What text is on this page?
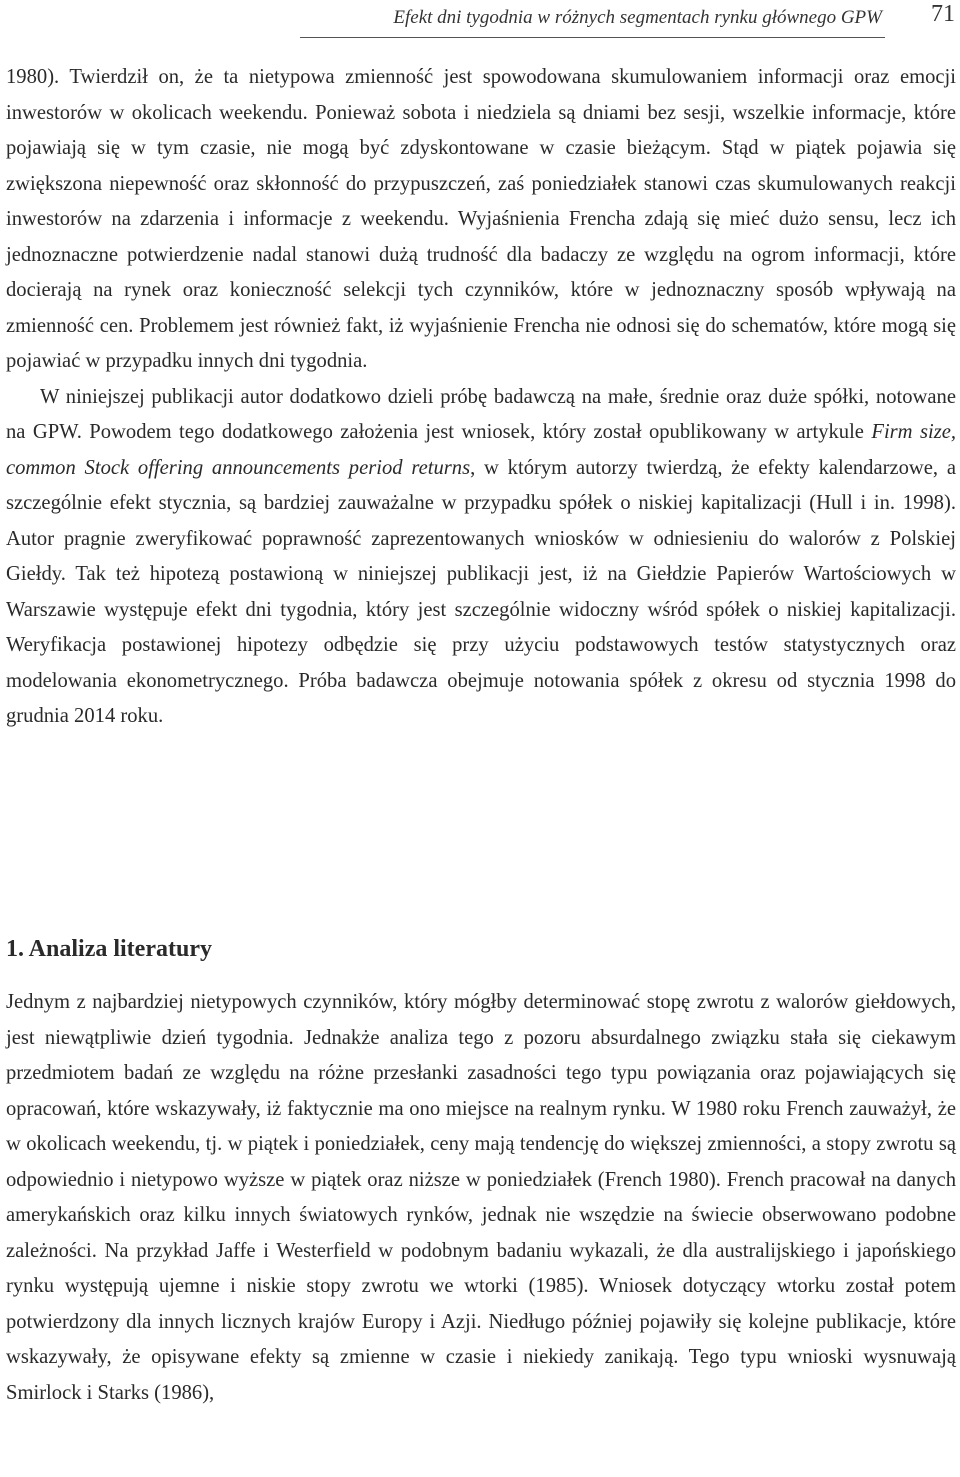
Efekt dni tygodnia w różnych segmentach rynku głównego GPW 71

1980). Twierdził on, że ta nietypowa zmienność jest spowodowana skumulowaniem informacji oraz emocji inwestorów w okolicach weekendu. Ponieważ sobota i niedziela są dniami bez sesji, wszelkie informacje, które pojawiają się w tym czasie, nie mogą być zdyskontowane w czasie bieżącym. Stąd w piątek pojawia się zwiększona niepewność oraz skłonność do przypuszczeń, zaś poniedziałek stanowi czas skumulowanych reakcji inwestorów na zdarzenia i informacje z weekendu. Wyjaśnienia Frencha zdają się mieć dużo sensu, lecz ich jednoznaczne potwierdzenie nadal stanowi dużą trudność dla badaczy ze względu na ogrom informacji, które docierają na rynek oraz konieczność selekcji tych czynników, które w jednoznaczny sposób wpływają na zmienność cen. Problemem jest również fakt, iż wyjaśnienie Frencha nie odnosi się do schematów, które mogą się pojawiać w przypadku innych dni tygodnia.

W niniejszej publikacji autor dodatkowo dzieli próbę badawczą na małe, średnie oraz duże spółki, notowane na GPW. Powodem tego dodatkowego założenia jest wniosek, który został opublikowany w artykule Firm size, common Stock offering announcements period returns, w którym autorzy twierdzą, że efekty kalendarzowe, a szczególnie efekt stycznia, są bardziej zauważalne w przypadku spółek o niskiej kapitalizacji (Hull i in. 1998). Autor pragnie zweryfikować poprawność zaprezentowanych wniosków w odniesieniu do walorów z Polskiej Giełdy. Tak też hipotezą postawioną w niniejszej publikacji jest, iż na Giełdzie Papierów Wartościowych w Warszawie występuje efekt dni tygodnia, który jest szczególnie widoczny wśród spółek o niskiej kapitalizacji. Weryfikacja postawionej hipotezy odbędzie się przy użyciu podstawowych testów statystycznych oraz modelowania ekonometrycznego. Próba badawcza obejmuje notowania spółek z okresu od stycznia 1998 do grudnia 2014 roku.

1. Analiza literatury

Jednym z najbardziej nietypowych czynników, który mógłby determinować stopę zwrotu z walorów giełdowych, jest niewątpliwie dzień tygodnia. Jednakże analiza tego z pozoru absurdalnego związku stała się ciekawym przedmiotem badań ze względu na różne przesłanki zasadności tego typu powiązania oraz pojawiających się opracowań, które wskazywały, iż faktycznie ma ono miejsce na realnym rynku. W 1980 roku French zauważył, że w okolicach weekendu, tj. w piątek i poniedziałek, ceny mają tendencję do większej zmienności, a stopy zwrotu są odpowiednio i nietypowo wyższe w piątek oraz niższe w poniedziałek (French 1980). French pracował na danych amerykańskich oraz kilku innych światowych rynków, jednak nie wszędzie na świecie obserwowano podobne zależności. Na przykład Jaffe i Westerfield w podobnym badaniu wykazali, że dla australijskiego i japońskiego rynku występują ujemne i niskie stopy zwrotu we wtorki (1985). Wniosek dotyczący wtorku został potem potwierdzony dla innych licznych krajów Europy i Azji. Niedługo później pojawiły się kolejne publikacje, które wskazywały, że opisywane efekty są zmienne w czasie i niekiedy zanikają. Tego typu wnioski wysnuwają Smirlock i Starks (1986),
